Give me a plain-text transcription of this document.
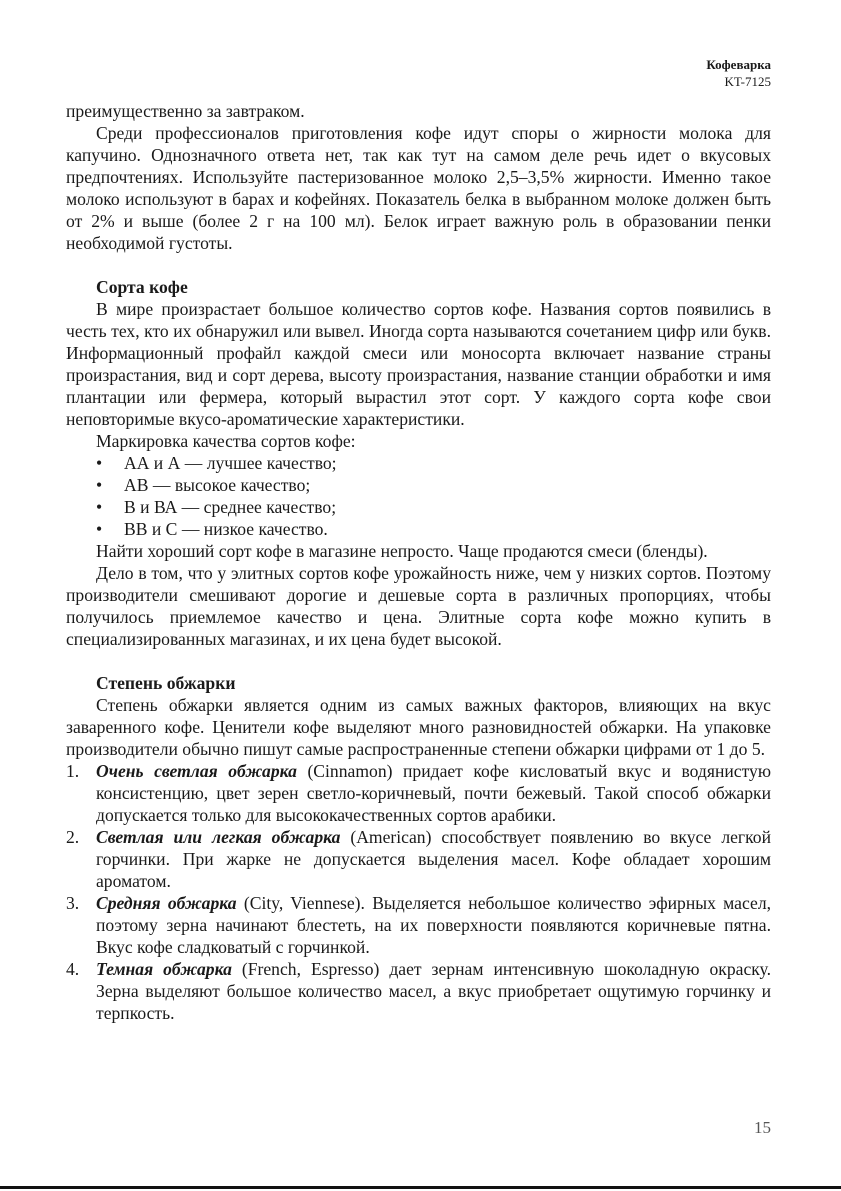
Кофеварка
KT-7125

преимущественно за завтраком.

Среди профессионалов приготовления кофе идут споры о жирности молока для капучино. Однозначного ответа нет, так как тут на самом деле речь идет о вкусовых предпочтениях. Используйте пастеризованное молоко 2,5–3,5% жирности. Именно такое молоко используют в барах и кофейнях. Показатель белка в выбранном молоке должен быть от 2% и выше (более 2 г на 100 мл). Белок играет важную роль в образовании пенки необходимой густоты.

Сорта кофе

В мире произрастает большое количество сортов кофе. Названия сортов появились в честь тех, кто их обнаружил или вывел. Иногда сорта называются сочетанием цифр или букв. Информационный профайл каждой смеси или моносорта включает название страны произрастания, вид и сорт дерева, высоту произрастания, название станции обработки и имя плантации или фермера, который вырастил этот сорт. У каждого сорта кофе свои неповторимые вкусо-ароматические характеристики.

Маркировка качества сортов кофе:

• АА и А — лучшее качество;
• АВ — высокое качество;
• В и ВА — среднее качество;
• ВВ и С — низкое качество.

Найти хороший сорт кофе в магазине непросто. Чаще продаются смеси (бленды).

Дело в том, что у элитных сортов кофе урожайность ниже, чем у низких сортов. Поэтому производители смешивают дорогие и дешевые сорта в различных пропорциях, чтобы получилось приемлемое качество и цена. Элитные сорта кофе можно купить в специализированных магазинах, и их цена будет высокой.

Степень обжарки

Степень обжарки является одним из самых важных факторов, влияющих на вкус заваренного кофе. Ценители кофе выделяют много разновидностей обжарки. На упаковке производители обычно пишут самые распространенные степени обжарки цифрами от 1 до 5.

1. Очень светлая обжарка (Cinnamon) придает кофе кисловатый вкус и водянистую консистенцию, цвет зерен светло-коричневый, почти бежевый. Такой способ обжарки допускается только для высококачественных сортов арабики.
2. Светлая или легкая обжарка (American) способствует появлению во вкусе легкой горчинки. При жарке не допускается выделения масел. Кофе обладает хорошим ароматом.
3. Средняя обжарка (City, Viennese). Выделяется небольшое количество эфирных масел, поэтому зерна начинают блестеть, на их поверхности появляются коричневые пятна. Вкус кофе сладковатый с горчинкой.
4. Темная обжарка (French, Espresso) дает зернам интенсивную шоколадную окраску. Зерна выделяют большое количество масел, а вкус приобретает ощутимую горчинку и терпкость.
15
